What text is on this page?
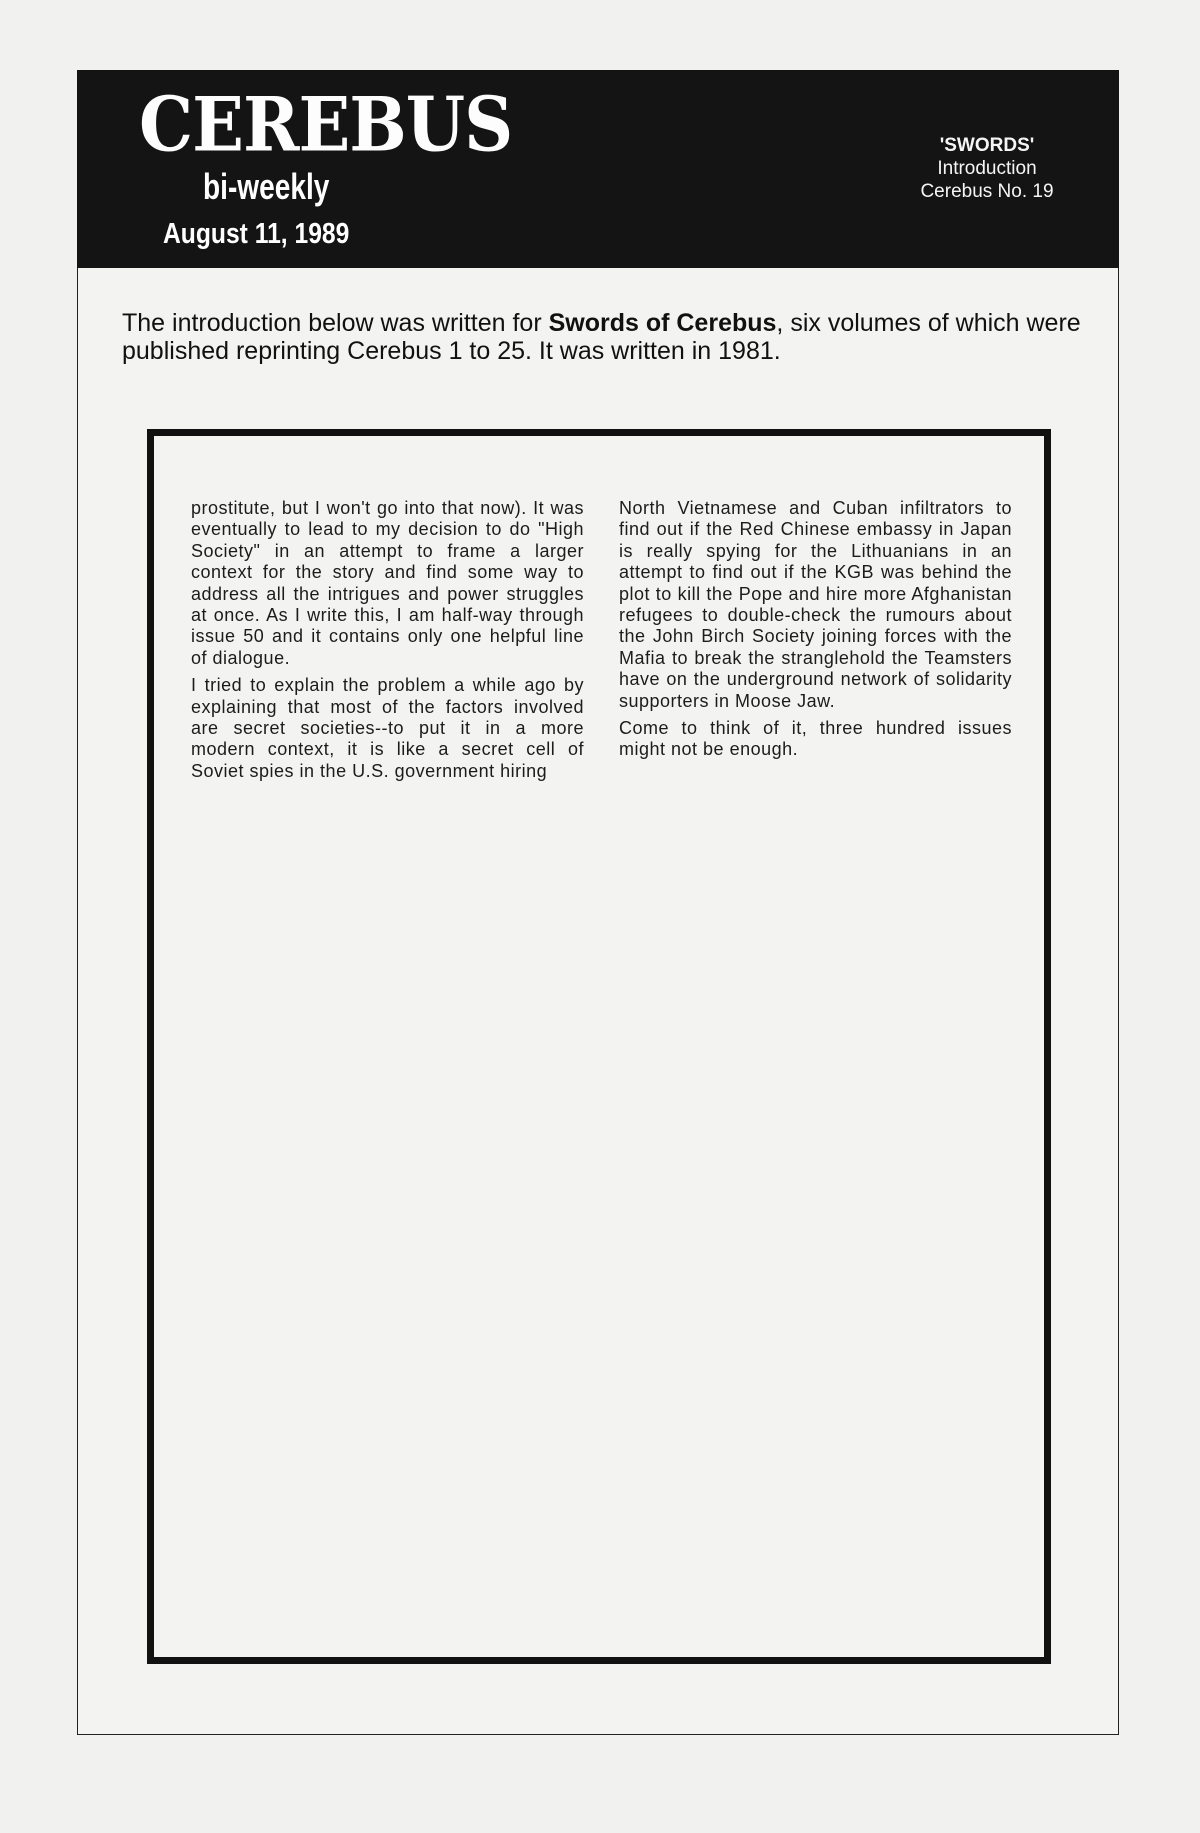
CEREBUS
bi-weekly
August 11, 1989
'SWORDS'
Introduction
Cerebus No. 19
The introduction below was written for Swords of Cerebus, six volumes of which were published reprinting Cerebus 1 to 25. It was written in 1981.

prostitute, but I won't go into that now). It was eventually to lead to my decision to do "High Society" in an attempt to frame a larger context for the story and find some way to address all the intrigues and power struggles at once. As I write this, I am half-way through issue 50 and it contains only one helpful line of dialogue.

I tried to explain the problem a while ago by explaining that most of the factors involved are secret societies--to put it in a more modern context, it is like a secret cell of Soviet spies in the U.S. government hiring

North Vietnamese and Cuban infiltrators to find out if the Red Chinese embassy in Japan is really spying for the Lithuanians in an attempt to find out if the KGB was behind the plot to kill the Pope and hire more Afghanistan refugees to double-check the rumours about the John Birch Society joining forces with the Mafia to break the stranglehold the Teamsters have on the underground network of solidarity supporters in Moose Jaw.

Come to think of it, three hundred issues might not be enough.
